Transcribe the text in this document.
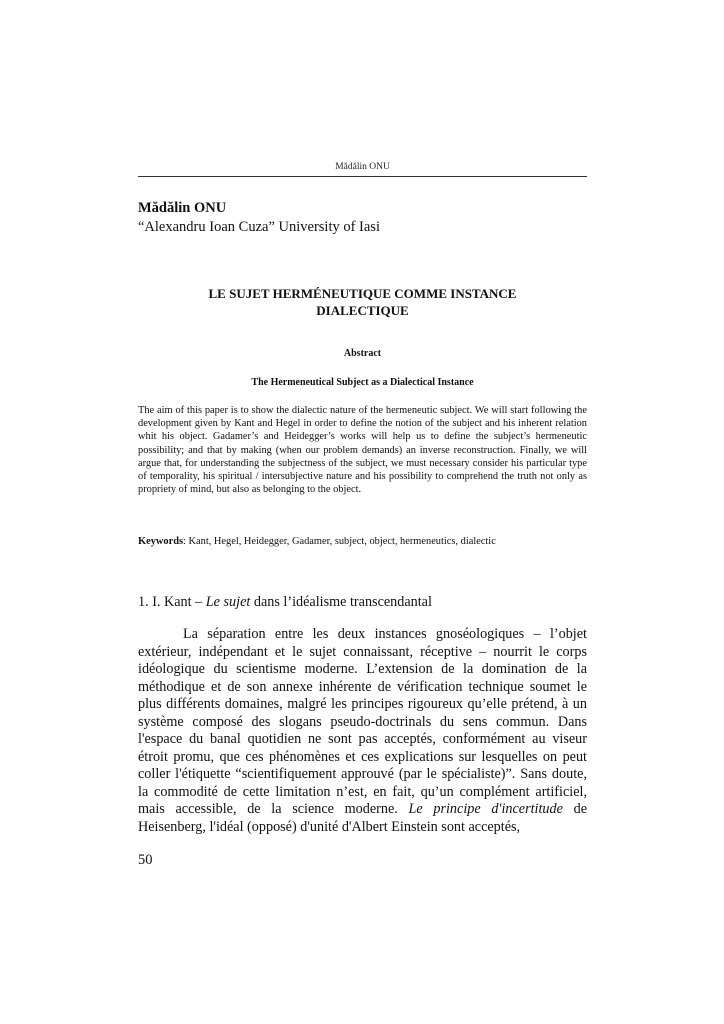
Mădălin ONU
Mădălin ONU
“Alexandru Ioan Cuza” University of Iasi
LE SUJET HERMÉNEUTIQUE COMME INSTANCE
DIALECTIQUE
Abstract
The Hermeneutical Subject as a Dialectical Instance

The aim of this paper is to show the dialectic nature of the hermeneutic subject. We will start following the development given by Kant and Hegel in order to define the notion of the subject and his inherent relation whit his object. Gadamer’s and Heidegger’s works will help us to define the subject’s hermeneutic possibility; and that by making (when our problem demands) an inverse reconstruction. Finally, we will argue that, for understanding the subjectness of the subject, we must necessary consider his particular type of temporality, his spiritual / intersubjective nature and his possibility to comprehend the truth not only as propriety of mind, but also as belonging to the object.

Keywords: Kant, Hegel, Heidegger, Gadamer, subject, object, hermeneutics, dialectic
1. I. Kant – Le sujet dans l’idéalisme transcendantal

La séparation entre les deux instances gnoséologiques – l’objet extérieur, indépendant et le sujet connaissant, réceptive – nourrit le corps idéologique du scientisme moderne. L’extension de la domination de la méthodique et de son annexe inhérente de vérification technique soumet le plus différents domaines, malgré les principes rigoureux qu’elle prétend, à un système composé des slogans pseudo-doctrinals du sens commun. Dans l'espace du banal quotidien ne sont pas acceptés, conformément au viseur étroit promu, que ces phénomènes et ces explications sur lesquelles on peut coller l'étiquette “scientifiquement approuvé (par le spécialiste)”. Sans doute, la commodité de cette limitation n’est, en fait, qu’un complément artificiel, mais accessible, de la science moderne. Le principe d'incertitude de Heisenberg, l'idéal (opposé) d'unité d'Albert Einstein sont acceptés,

50
